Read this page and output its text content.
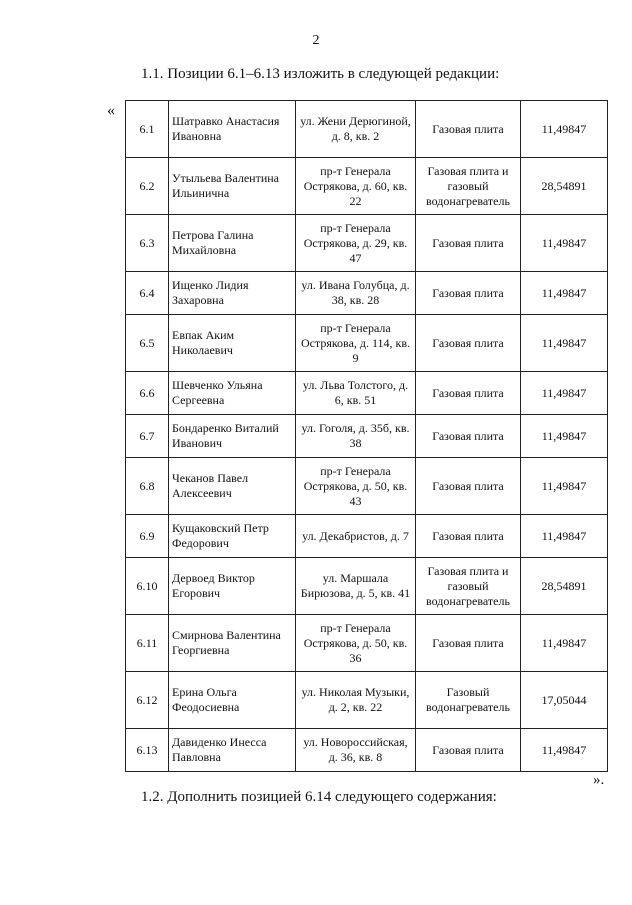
2
1.1. Позиции 6.1–6.13 изложить в следующей редакции:
«
6.1	Шатравко Анастасия Ивановна	ул. Жени Дерюгиной, д. 8, кв. 2	Газовая плита	11,49847
6.2	Утыльева Валентина Ильинична	пр-т Генерала Острякова, д. 60, кв. 22	Газовая плита и газовый водонагреватель	28,54891
6.3	Петрова Галина Михайловна	пр-т Генерала Острякова, д. 29, кв. 47	Газовая плита	11,49847
6.4	Ищенко Лидия Захаровна	ул. Ивана Голубца, д. 38, кв. 28	Газовая плита	11,49847
6.5	Евпак Аким Николаевич	пр-т Генерала Острякова, д. 114, кв. 9	Газовая плита	11,49847
6.6	Шевченко Ульяна Сергеевна	ул. Льва Толстого, д. 6, кв. 51	Газовая плита	11,49847
6.7	Бондаренко Виталий Иванович	ул. Гоголя, д. 35б, кв. 38	Газовая плита	11,49847
6.8	Чеканов Павел Алексеевич	пр-т Генерала Острякова, д. 50, кв. 43	Газовая плита	11,49847
6.9	Кущаковский Петр Федорович	ул. Декабристов, д. 7	Газовая плита	11,49847
6.10	Дервоед Виктор Егорович	ул. Маршала Бирюзова, д. 5, кв. 41	Газовая плита и газовый водонагреватель	28,54891
6.11	Смирнова Валентина Георгиевна	пр-т Генерала Острякова, д. 50, кв. 36	Газовая плита	11,49847
6.12	Ерина Ольга Феодосиевна	ул. Николая Музыки, д. 2, кв. 22	Газовый водонагреватель	17,05044
6.13	Давиденко Инесса Павловна	ул. Новороссийская, д. 36, кв. 8	Газовая плита	11,49847
».
1.2. Дополнить позицией 6.14 следующего содержания:
